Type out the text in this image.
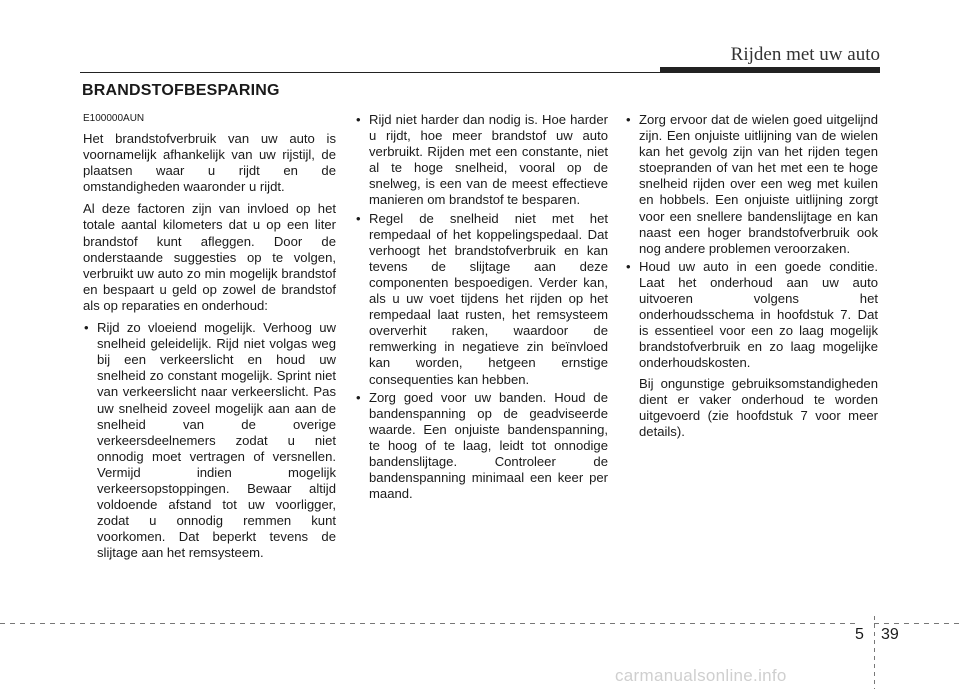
Rijden met uw auto
BRANDSTOFBESPARING
E100000AUN

Het brandstofverbruik van uw auto is voornamelijk afhankelijk van uw rijstijl, de plaatsen waar u rijdt en de omstandigheden waaronder u rijdt.

Al deze factoren zijn van invloed op het totale aantal kilometers dat u op een liter brandstof kunt afleggen. Door de onderstaande suggesties op te volgen, verbruikt uw auto zo min mogelijk brandstof en bespaart u geld op zowel de brandstof als op reparaties en onderhoud:

• Rijd zo vloeiend mogelijk. Verhoog uw snelheid geleidelijk. Rijd niet volgas weg bij een verkeerslicht en houd uw snelheid zo constant mogelijk. Sprint niet van verkeerslicht naar verkeerslicht. Pas uw snelheid zoveel mogelijk aan aan de snelheid van de overige verkeersdeelnemers zodat u niet onnodig moet vertragen of versnellen. Vermijd indien mogelijk verkeersopstoppingen. Bewaar altijd voldoende afstand tot uw voorligger, zodat u onnodig remmen kunt voorkomen. Dat beperkt tevens de slijtage aan het remsysteem.
• Rijd niet harder dan nodig is. Hoe harder u rijdt, hoe meer brandstof uw auto verbruikt. Rijden met een constante, niet al te hoge snelheid, vooral op de snelweg, is een van de meest effectieve manieren om brandstof te besparen.
• Regel de snelheid niet met het rempedaal of het koppelingspedaal. Dat verhoogt het brandstofverbruik en kan tevens de slijtage aan deze componenten bespoedigen. Verder kan, als u uw voet tijdens het rijden op het rempedaal laat rusten, het remsysteem oververhit raken, waardoor de remwerking in negatieve zin beïnvloed kan worden, hetgeen ernstige consequenties kan hebben.
• Zorg goed voor uw banden. Houd de bandenspanning op de geadviseerde waarde. Een onjuiste bandenspanning, te hoog of te laag, leidt tot onnodige bandenslijtage. Controleer de bandenspanning minimaal een keer per maand.
• Zorg ervoor dat de wielen goed uitgelijnd zijn. Een onjuiste uitlijning van de wielen kan het gevolg zijn van het rijden tegen stoepranden of van het met een te hoge snelheid rijden over een weg met kuilen en hobbels. Een onjuiste uitlijning zorgt voor een snellere bandenslijtage en kan naast een hoger brandstofverbruik ook nog andere problemen veroorzaken.
• Houd uw auto in een goede conditie. Laat het onderhoud aan uw auto uitvoeren volgens het onderhoudsschema in hoofdstuk 7. Dat is essentieel voor een zo laag mogelijk brandstofverbruik en zo laag mogelijke onderhoudskosten.

Bij ongunstige gebruiksomstandigheden dient er vaker onderhoud te worden uitgevoerd (zie hoofdstuk 7 voor meer details).

5 39
carmanualsonline.info
